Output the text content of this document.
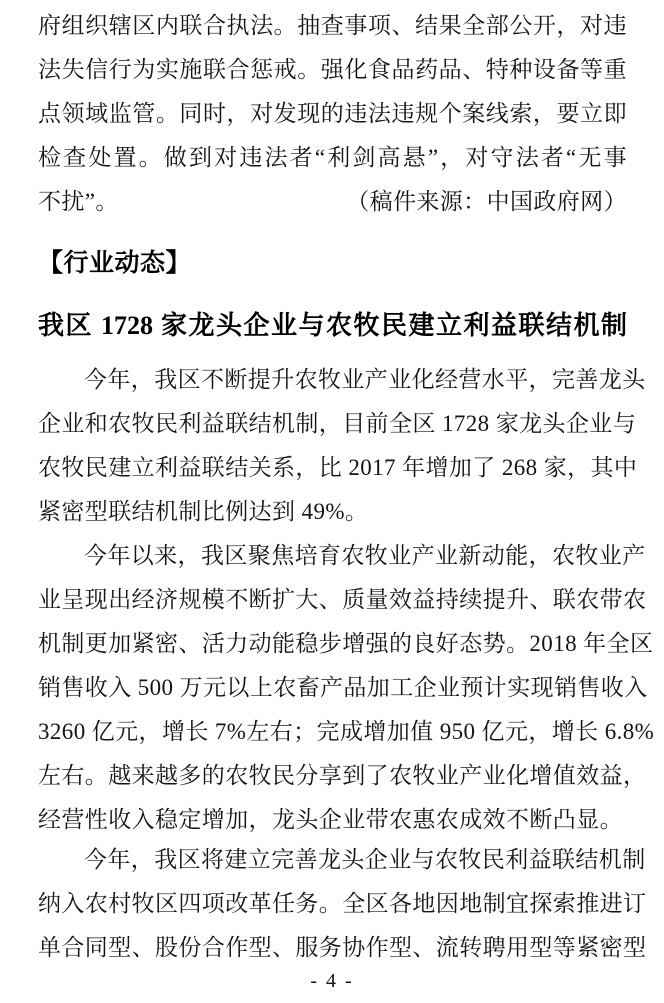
府组织辖区内联合执法。抽查事项、结果全部公开，对违
法失信行为实施联合惩戒。强化食品药品、特种设备等重
点领域监管。同时，对发现的违法违规个案线索，要立即
检查处置。做到对违法者“利剑高悬”，对守法者“无事
不扰”。	（稿件来源：中国政府网）
【行业动态】
我区 1728 家龙头企业与农牧民建立利益联结机制
今年，我区不断提升农牧业产业化经营水平，完善龙头
企业和农牧民利益联结机制，目前全区 1728 家龙头企业与
农牧民建立利益联结关系，比 2017 年增加了 268 家，其中
紧密型联结机制比例达到 49%。
今年以来，我区聚焦培育农牧业产业新动能，农牧业产
业呈现出经济规模不断扩大、质量效益持续提升、联农带农
机制更加紧密、活力动能稳步增强的良好态势。2018 年全区
销售收入 500 万元以上农畜产品加工企业预计实现销售收入
3260 亿元，增长 7%左右；完成增加值 950 亿元，增长 6.8%
左右。越来越多的农牧民分享到了农牧业产业化增值效益，
经营性收入稳定增加，龙头企业带农惠农成效不断凸显。
今年，我区将建立完善龙头企业与农牧民利益联结机制
纳入农村牧区四项改革任务。全区各地因地制宜探索推进订
单合同型、股份合作型、服务协作型、流转聘用型等紧密型
- 4 -
